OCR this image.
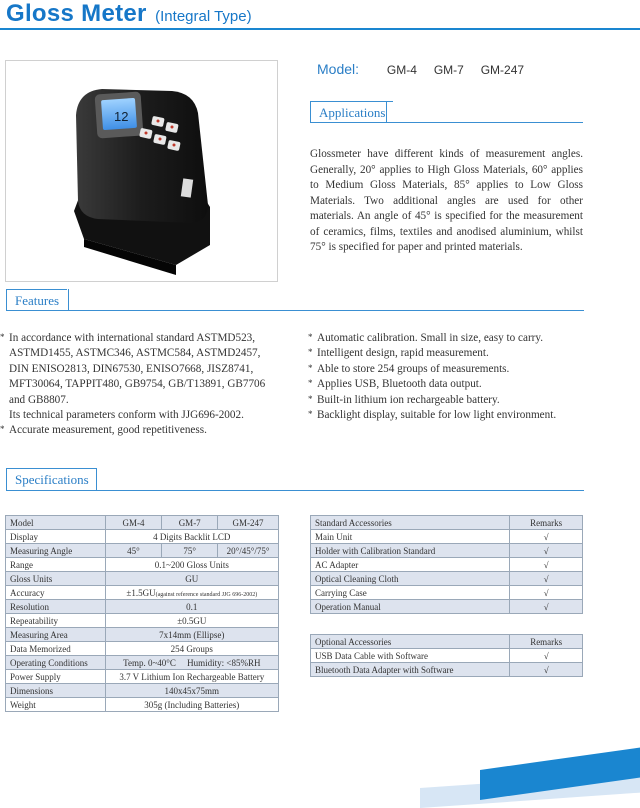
Gloss Meter (Integral Type)
12
Model: GM-4 GM-7 GM-247
Applications
Glossmeter have different kinds of measurement angles. Generally, 20° applies to High Gloss Materials, 60° applies to Medium Gloss Materials, 85° applies to Low Gloss Materials. Two additional angles are used for other materials. An angle of 45° is specified for the measurement of ceramics, films, textiles and anodised aluminium, whilst 75° is specified for paper and printed materials.
Features
* In accordance with international standard ASTMD523,
ASTMD1455, ASTMC346, ASTMC584, ASTMD2457,
DIN ENISO2813, DIN67530, ENISO7668, JISZ8741,
MFT30064, TAPPIT480, GB9754, GB/T13891, GB7706
and GB8807.
Its technical parameters conform with JJG696-2002.
* Accurate measurement, good repetitiveness.
* Automatic calibration. Small in size, easy to carry.
* Intelligent design, rapid measurement.
* Able to store 254 groups of measurements.
* Applies USB, Bluetooth data output.
* Built-in lithium ion rechargeable battery.
* Backlight display, suitable for low light environment.
Specifications
Model	GM-4	GM-7	GM-247
Display	4 Digits Backlit LCD		
Measuring Angle	45°	75°	20°/45°/75°
Range	0.1~200 Gloss Units		
Gloss Units	GU		
Accuracy	±1.5GU(against reference standard JJG 696-2002)		
Resolution	0.1		
Repeatability	±0.5GU		
Measuring Area	7x14mm (Ellipse)		
Data Memorized	254 Groups		
Operating Conditions	Temp. 0~40°C Humidity: <85%RH		
Power Supply	3.7 V Lithium Ion Rechargeable Battery		
Dimensions	140x45x75mm		
Weight	305g (Including Batteries)		
Standard Accessories	Remarks
Main Unit	√
Holder with Calibration Standard	√
AC Adapter	√
Optical Cleaning Cloth	√
Carrying Case	√
Operation Manual	√
Optional Accessories	Remarks
USB Data Cable with Software	√
Bluetooth Data Adapter with Software	√
